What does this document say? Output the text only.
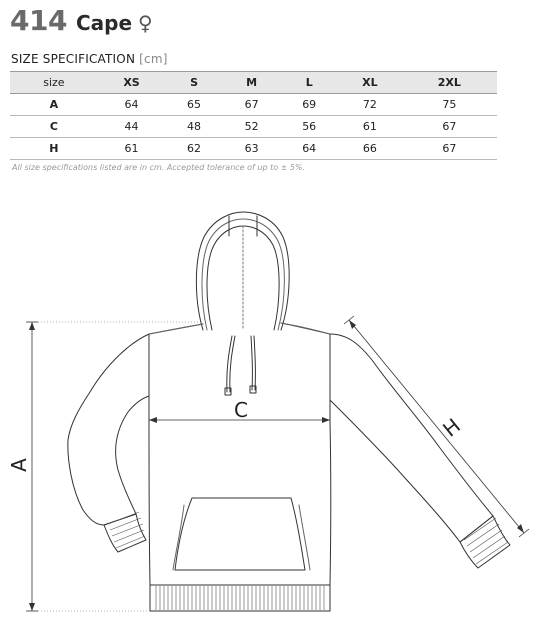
414 Cape ♀
SIZE SPECIFICATION [cm]
size	XS	S	M	L	XL	2XL
A	64	65	67	69	72	75
C	44	48	52	56	61	67
H	61	62	63	64	66	67
All size specifications listed are in cm. Accepted tolerance of up to ± 5%.
A
C
H
